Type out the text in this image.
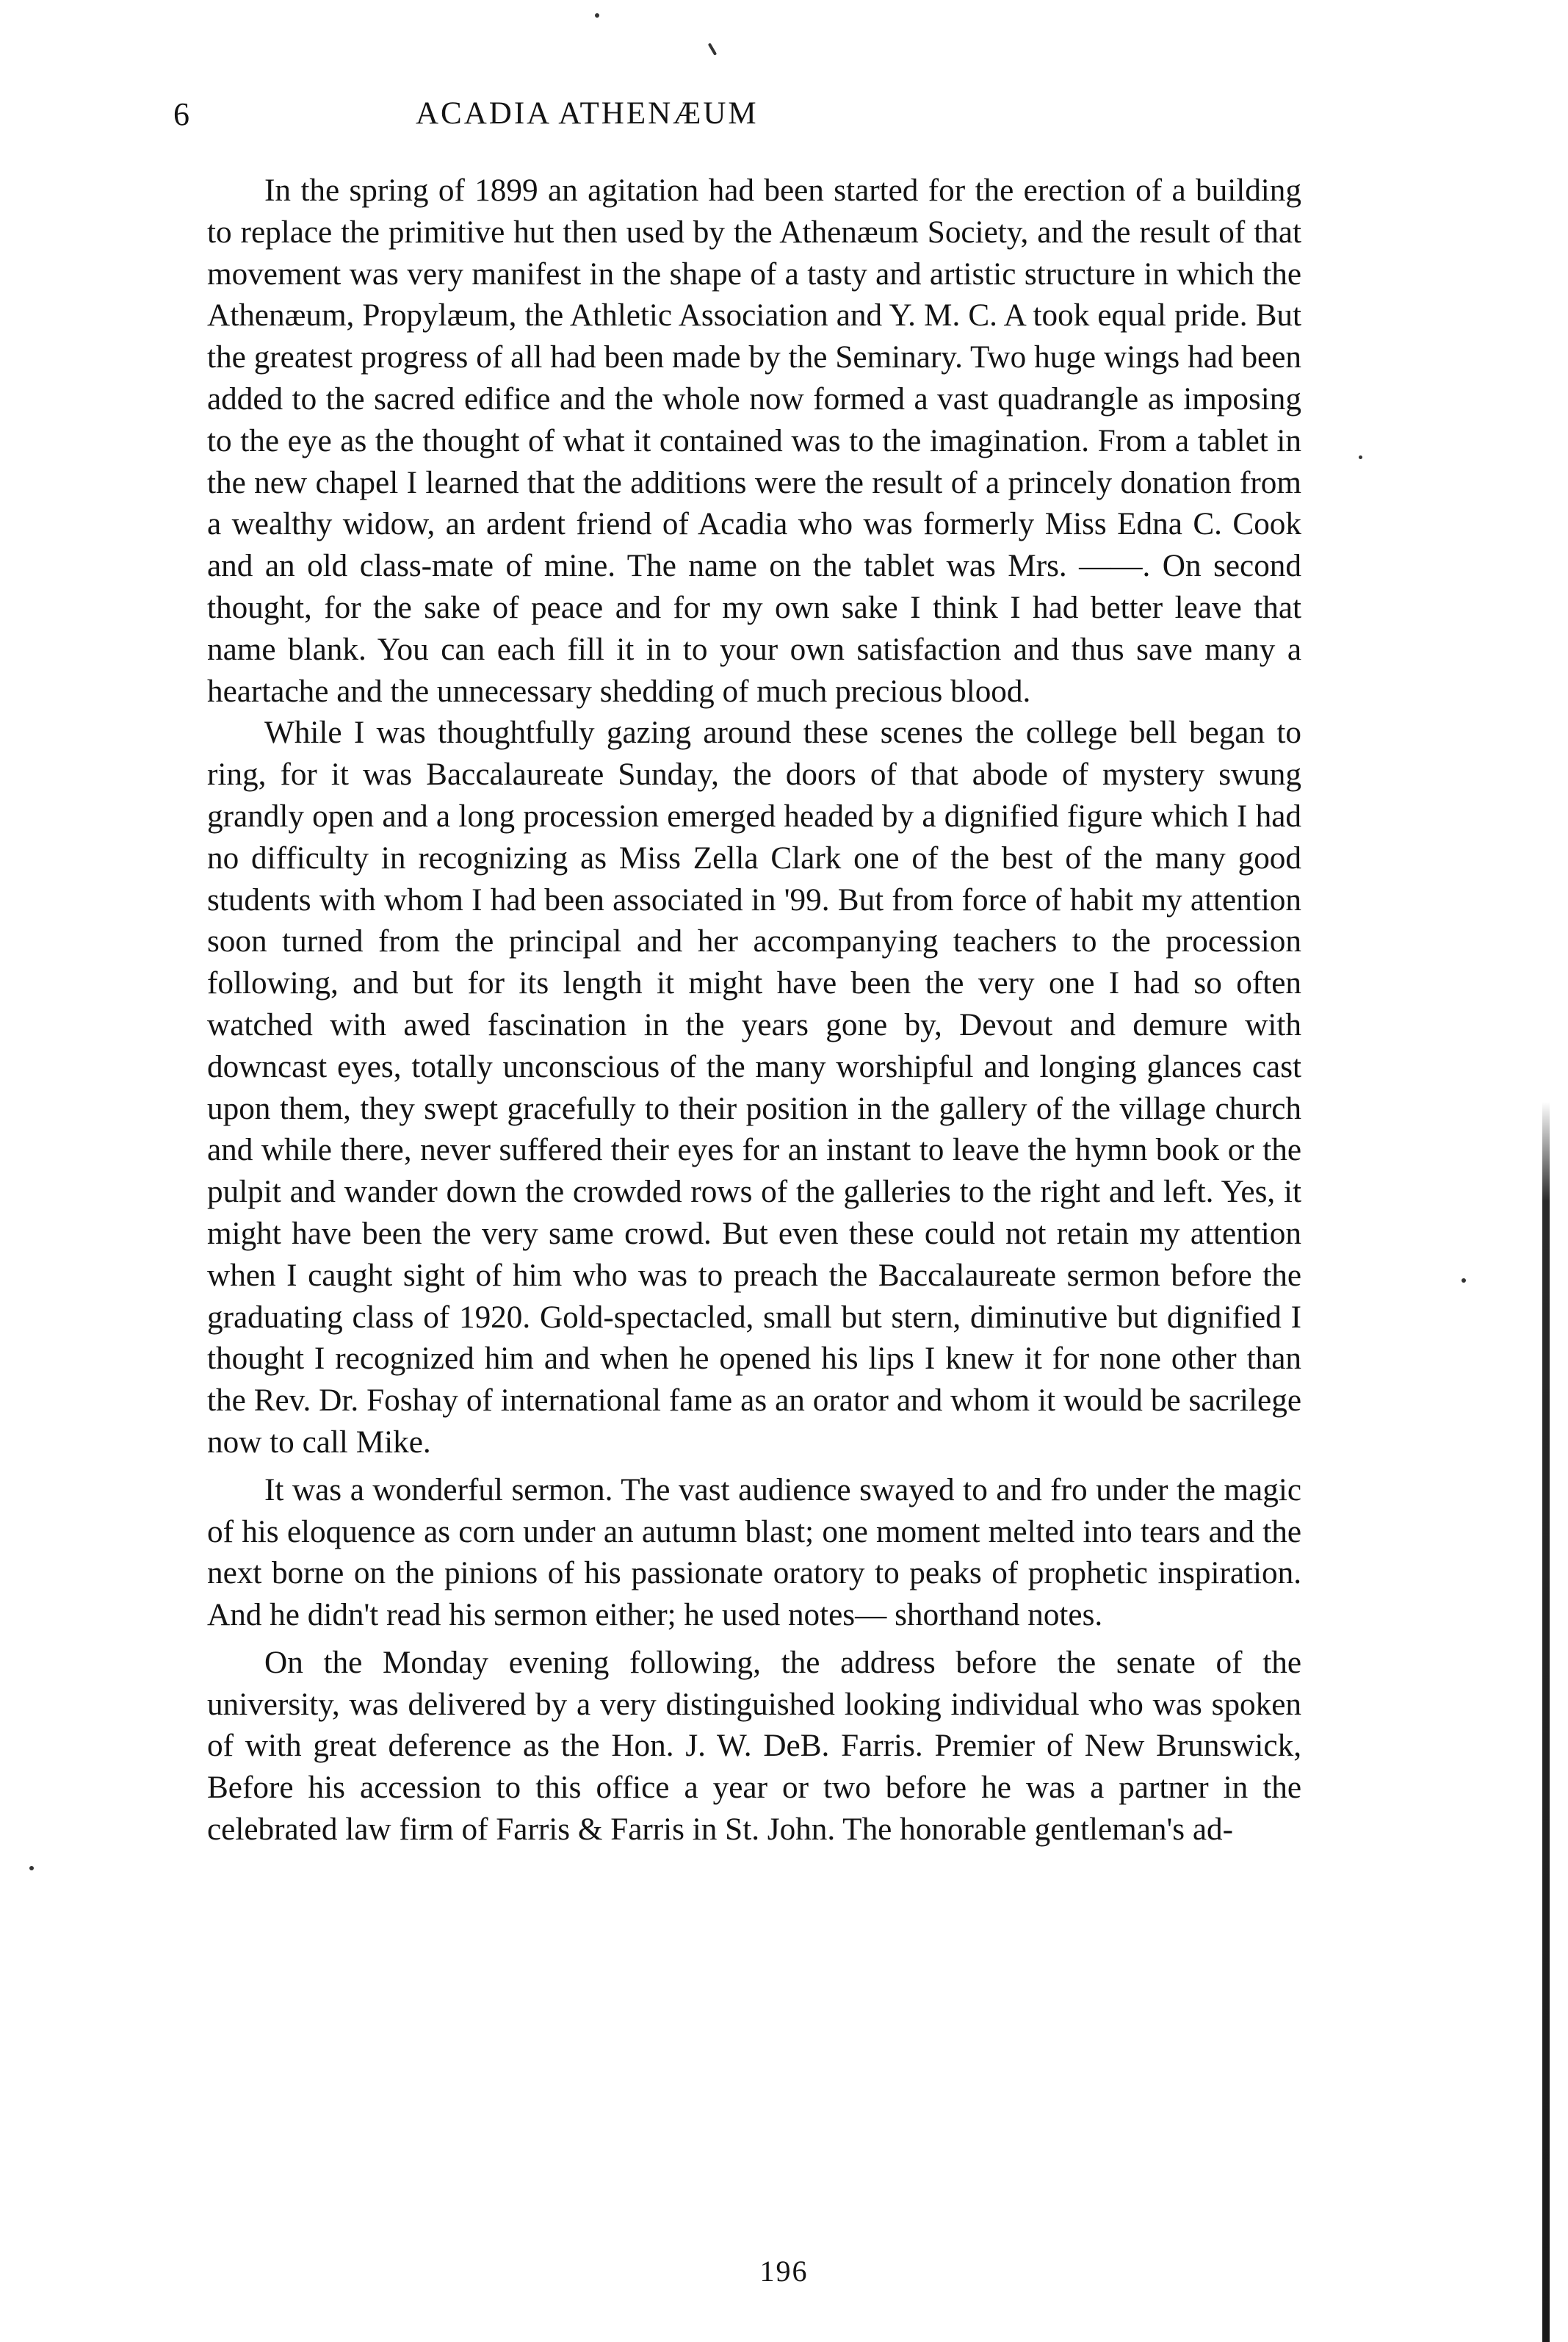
6	ACADIA ATHENÆUM

In the spring of 1899 an agitation had been started for the erection of a building to replace the primitive hut then used by the Athenæum Society, and the result of that movement was very manifest in the shape of a tasty and artistic structure in which the Athenæum, Propylæum, the Athletic Association and Y. M. C. A took equal pride. But the greatest progress of all had been made by the Seminary. Two huge wings had been added to the sacred edifice and the whole now formed a vast quadrangle as imposing to the eye as the thought of what it contained was to the imagination. From a tablet in the new chapel I learned that the additions were the result of a princely donation from a wealthy widow, an ardent friend of Acadia who was formerly Miss Edna C. Cook and an old class-mate of mine. The name on the tablet was Mrs. ——. On second thought, for the sake of peace and for my own sake I think I had better leave that name blank. You can each fill it in to your own satisfaction and thus save many a heartache and the unnecessary shedding of much precious blood.

While I was thoughtfully gazing around these scenes the college bell began to ring, for it was Baccalaureate Sunday, the doors of that abode of mystery swung grandly open and a long procession emerged headed by a dignified figure which I had no difficulty in recognizing as Miss Zella Clark one of the best of the many good students with whom I had been associated in '99. But from force of habit my attention soon turned from the principal and her accompanying teachers to the procession following, and but for its length it might have been the very one I had so often watched with awed fascination in the years gone by, Devout and demure with downcast eyes, totally unconscious of the many worshipful and longing glances cast upon them, they swept gracefully to their position in the gallery of the village church and while there, never suffered their eyes for an instant to leave the hymn book or the pulpit and wander down the crowded rows of the galleries to the right and left. Yes, it might have been the very same crowd. But even these could not retain my attention when I caught sight of him who was to preach the Baccalaureate sermon before the graduating class of 1920. Gold-spectacled, small but stern, diminutive but dignified I thought I recognized him and when he opened his lips I knew it for none other than the Rev. Dr. Foshay of international fame as an orator and whom it would be sacrilege now to call Mike.

It was a wonderful sermon. The vast audience swayed to and fro under the magic of his eloquence as corn under an autumn blast; one moment melted into tears and the next borne on the pinions of his passionate oratory to peaks of prophetic inspiration. And he didn't read his sermon either; he used notes— shorthand notes.

On the Monday evening following, the address before the senate of the university, was delivered by a very distinguished looking individual who was spoken of with great deference as the Hon. J. W. DeB. Farris. Premier of New Brunswick, Before his accession to this office a year or two before he was a partner in the celebrated law firm of Farris & Farris in St. John. The honorable gentleman's ad-

196
